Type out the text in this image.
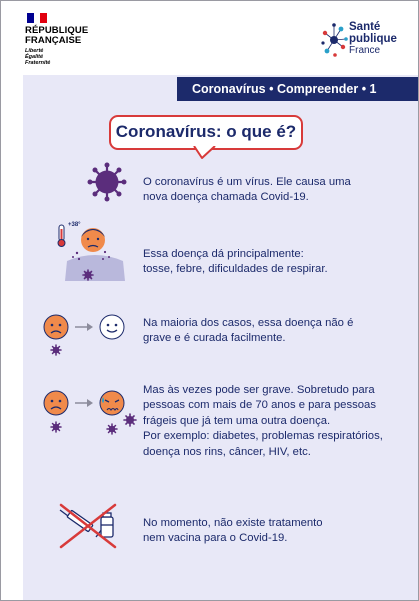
RÉPUBLIQUE
FRANÇAISE
Liberté
Égalité
Fraternité
Santé
publique
France
Coronavírus • Compreender • 1
Coronavírus: o que é?
O coronavírus é um vírus. Ele causa uma
nova doença chamada Covid-19.
+38°
Essa doença dá principalmente:
tosse, febre, dificuldades de respirar.
Na maioria dos casos, essa doença não é
grave e é curada facilmente.
Mas às vezes pode ser grave. Sobretudo para
pessoas com mais de 70 anos e para pessoas
frágeis que já tem uma outra doença.
Por exemplo: diabetes, problemas respiratórios,
doença nos rins, câncer, HIV, etc.
No momento, não existe tratamento
nem vacina para o Covid-19.
